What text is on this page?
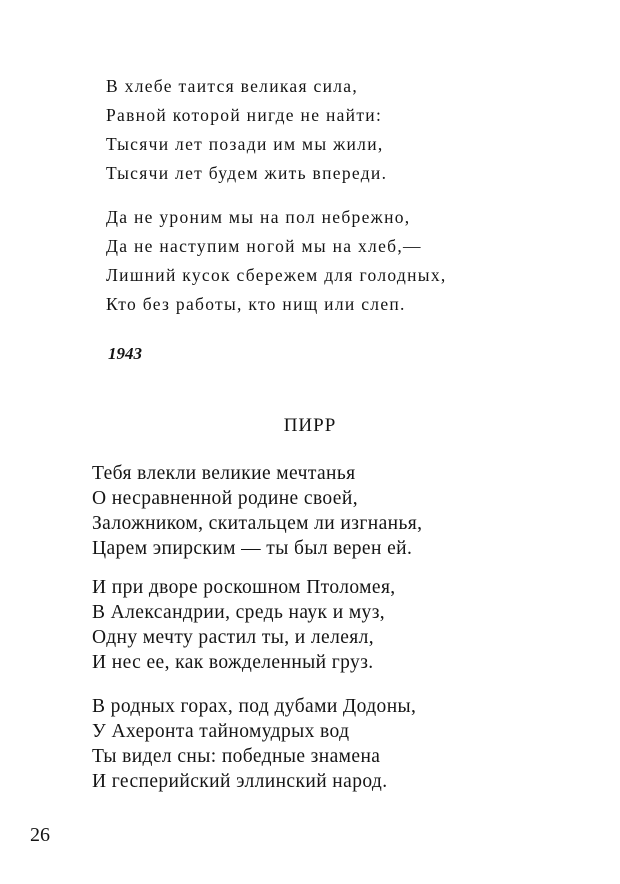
В хлебе таится великая сила,
Равной которой нигде не найти:
Тысячи лет позади им мы жили,
Тысячи лет будем жить впереди.
Да не уроним мы на пол небрежно,
Да не наступим ногой мы на хлеб,—
Лишний кусок сбережем для голодных,
Кто без работы, кто нищ или слеп.
1943
ПИРР
Тебя влекли великие мечтанья
О несравненной родине своей,
Заложником, скитальцем ли изгнанья,
Царем эпирским — ты был верен ей.
И при дворе роскошном Птоломея,
В Александрии, средь наук и муз,
Одну мечту растил ты, и лелеял,
И нес ее, как вожделенный груз.
В родных горах, под дубами Додоны,
У Ахеронта тайномудрых вод
Ты видел сны: победные знамена
И гесперийский эллинский народ.
26
